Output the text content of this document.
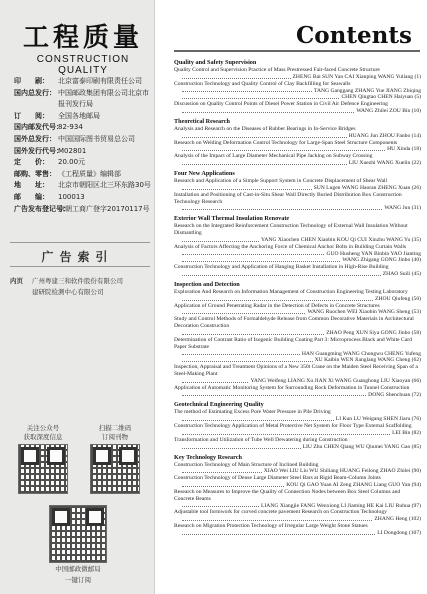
工程质量
CONSTRUCTION QUALITY
印　　刷：	北京富泰印刷有限责任公司
国内总发行： 中国邮政集团有限公司北京市报刊发行局
订　　阅：	全国各地邮局
国内邮发代号：
82-934
国外总发行： 中国国际图书贸易总公司
国外发行代号：
M02801
定　　价：	20.00元
邮购、零售： 《工程质量》编辑部
地　　址：	北京市朝阳区北三环东路30号
邮　　编：	100013
广告发布登记号：
京朝工商广登字20170117号
广告索引
内页	广州粤建三和软件股份有限公司
建研院检测中心有限公司
关注公众号
获取深度信息
扫描二维码
订阅刊物
中国邮政微邮局
一键订阅
Contents
Quality and Safety Supervision
Quality Control and Supervision Practice of Mass Prestressed Fair-faced Concrete Structure
ZHENG Bai SUN Yan CAI Xianping WANG Yuliang (1)
Construction Technology and Quality Control of Clay Backfilling for Seawalls
TANG Ganggang ZHANG Yue JIANG Zhiqing
CHEN Qingtao CHEN Haiyuan (5)
Discussion on Quality Control Points of Diesel Power Station in Civil Air Defence Engineering
WANG Zhilei ZOU Bin (10)
Theoretical Research
Analysis and Research on the Diseases of Rubber Bearings in In-Service Bridges
HUANG Jun ZHOU Fanbo (14)
Research on Welding Deformation Control Technology for Large-Span Steel Structure Components
HU Xinda (18)
Analysis of the Impact of Large Diameter Mechanical Pipe Jacking on Subway Crossing
LIU Xuezhi WANG Xuelin (22)
Four New Applications
Research and Application of a Simple Support System in Concrete Displacement of Shear Wall
SUN Lugen WANG Haoran ZHENG Xuan (26)
Installation and Positioning of Cast-in-Situ Shear Wall Directly Buried Distribution Box Construction Technology Research
WANG Jun (31)
Exterior Wall Thermal Insulation Renovate
Research on the Integrated Reinforcement Construction Technology of External Wall Insulation Without Dismantling
YANG Xiaochen CHEN Xiaobin KOU Qi CUI Xinzhu WANG Yu (35)
Analysis of Factors Affecting the Anchoring Force of Chemical Anchor Bolts in Building Curtain Walls
GUO Husheng YAN Binbin YAO Jianting
WANG Zhigang GONG Jinbo (40)
Construction Technology and Application of Hanging Basket Installation in High-Rise Building
ZHAO Suili (45)
Inspection and Detection
Exploration And Research on Information Management of Construction Engineering Testing Laboratory
ZHOU Qiufeng (50)
Application of Ground Penetrating Radar in the Detection of Defects in Concrete Structures
WANG Ruochen WEI Xiaobin WANG Sheng (53)
Study and Control Methods of Formaldehyde Release from Common Decorative Materials in Architectural Decoration Construction
ZHAO Peng XUN Siya GONG Jinbo (58)
Determination of Contrast Ratio of Isogenic Building Coating Part 3: Microprocess Black and White Card Paper Substrate
HAN Guangming WANG Chongwu CHENG Yufeng
XU Kaibin WEN Jianglang WANG Cheng (62)
Inspection, Appraisal and Treatment Opinions of a New 350t Crane on the Maiden Steel Receiving Span of a Steel-Making Plant
YANG Weifeng LIANG Xu JIAN Xi WANG Guanghong LIU Xiaoyan (66)
Application of Automatic Monitoring System for Surrounding Rock Deformation in Tunnel Construction
DONG Shenchuan (72)
Geotechnical Engineering Quality
The method of Estimating Excess Pore Water Pressure in Pile Driving
LI Kun LU Weigang SHEN Jiaru (76)
Construction Technology Application of Metal Protective Net System for Floor Type External Scaffolding
LEI Bin (82)
Transformation and Utilization of Tube Well Dewatering during Construction
LIU Zhu CHEN Qiang WU Qiumei YANG Gao (85)
Key Technology Research
Construction Technology of Main Structure of Inclined Building
XIAO Wei LIU Liu WU Shiliang HUANG Feilong ZHAO Zhilei (90)
Construction Technology of Dense Large Diameter Steel Bars at Rigid Beam-Column Joints
KOU Qi GAO Yuan AI Zeng ZHANG Liang GUO Yan (94)
Research on Measures to Improve the Quality of Connection Nodes between Box Steel Columns and Concrete Beams
LIANG Xiangjie FANG Wenxiong LI Jiaming HE Kai LIU Ruhua (97)
Adjustable tool formwork for curved concrete pavement Research on Construction Technology
ZHANG Heng (102)
Research on Migration Protection Technology of Irregular Large Weight Stone Statues
LI Dongdong (107)
